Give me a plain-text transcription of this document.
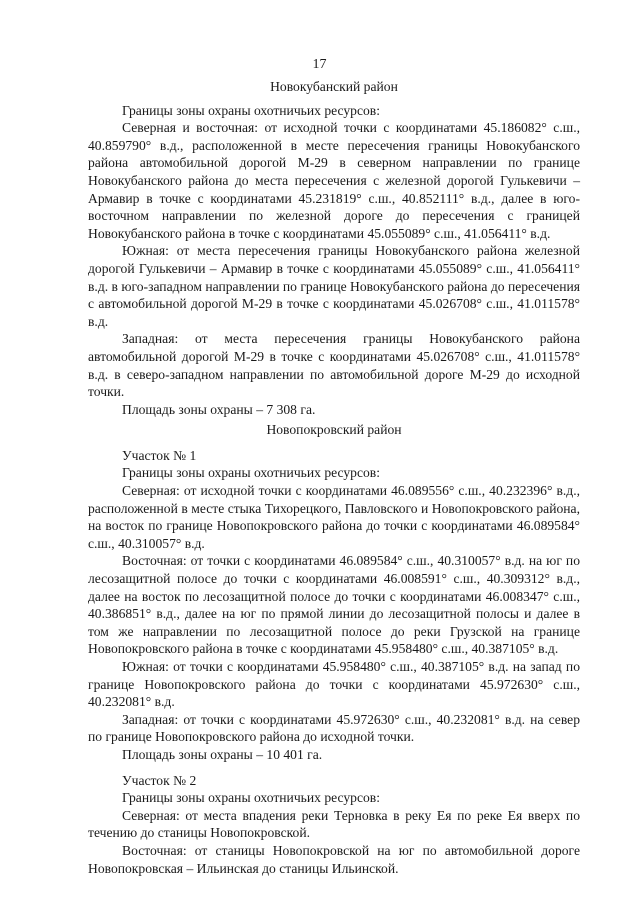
17
Новокубанский район
Границы зоны охраны охотничьих ресурсов:
Северная и восточная: от исходной точки с координатами 45.186082° с.ш., 40.859790° в.д., расположенной в месте пересечения границы Новокубанского района автомобильной дорогой М-29 в северном направлении по границе Новокубанского района до места пересечения с железной дорогой Гулькевичи – Армавир в точке с координатами 45.231819° с.ш., 40.852111° в.д., далее в юго-восточном направлении по железной дороге до пересечения с границей Новокубанского района в точке с координатами 45.055089° с.ш., 41.056411° в.д.
Южная: от места пересечения границы Новокубанского района железной дорогой Гулькевичи – Армавир в точке с координатами 45.055089° с.ш., 41.056411° в.д. в юго-западном направлении по границе Новокубанского района до пересечения с автомобильной дорогой М-29 в точке с координатами 45.026708° с.ш., 41.011578° в.д.
Западная: от места пересечения границы Новокубанского района автомобильной дорогой М-29 в точке с координатами 45.026708° с.ш., 41.011578° в.д. в северо-западном направлении по автомобильной дороге М-29 до исходной точки.
Площадь зоны охраны – 7 308 га.
Новопокровский район
Участок № 1
Границы зоны охраны охотничьих ресурсов:
Северная: от исходной точки с координатами 46.089556° с.ш., 40.232396° в.д., расположенной в месте стыка Тихорецкого, Павловского и Новопокровского района, на восток по границе Новопокровского района до точки с координатами 46.089584° с.ш., 40.310057° в.д.
Восточная: от точки с координатами 46.089584° с.ш., 40.310057° в.д. на юг по лесозащитной полосе до точки с координатами 46.008591° с.ш., 40.309312° в.д., далее на восток по лесозащитной полосе до точки с координатами 46.008347° с.ш., 40.386851° в.д., далее на юг по прямой линии до лесозащитной полосы и далее в том же направлении по лесозащитной полосе до реки Грузской на границе Новопокровского района в точке с координатами 45.958480° с.ш., 40.387105° в.д.
Южная: от точки с координатами 45.958480° с.ш., 40.387105° в.д. на запад по границе Новопокровского района до точки с координатами 45.972630° с.ш., 40.232081° в.д.
Западная: от точки с координатами 45.972630° с.ш., 40.232081° в.д. на север по границе Новопокровского района до исходной точки.
Площадь зоны охраны – 10 401 га.
Участок № 2
Границы зоны охраны охотничьих ресурсов:
Северная: от места впадения реки Терновка в реку Ея по реке Ея вверх по течению до станицы Новопокровской.
Восточная: от станицы Новопокровской на юг по автомобильной дороге Новопокровская – Ильинская до станицы Ильинской.
